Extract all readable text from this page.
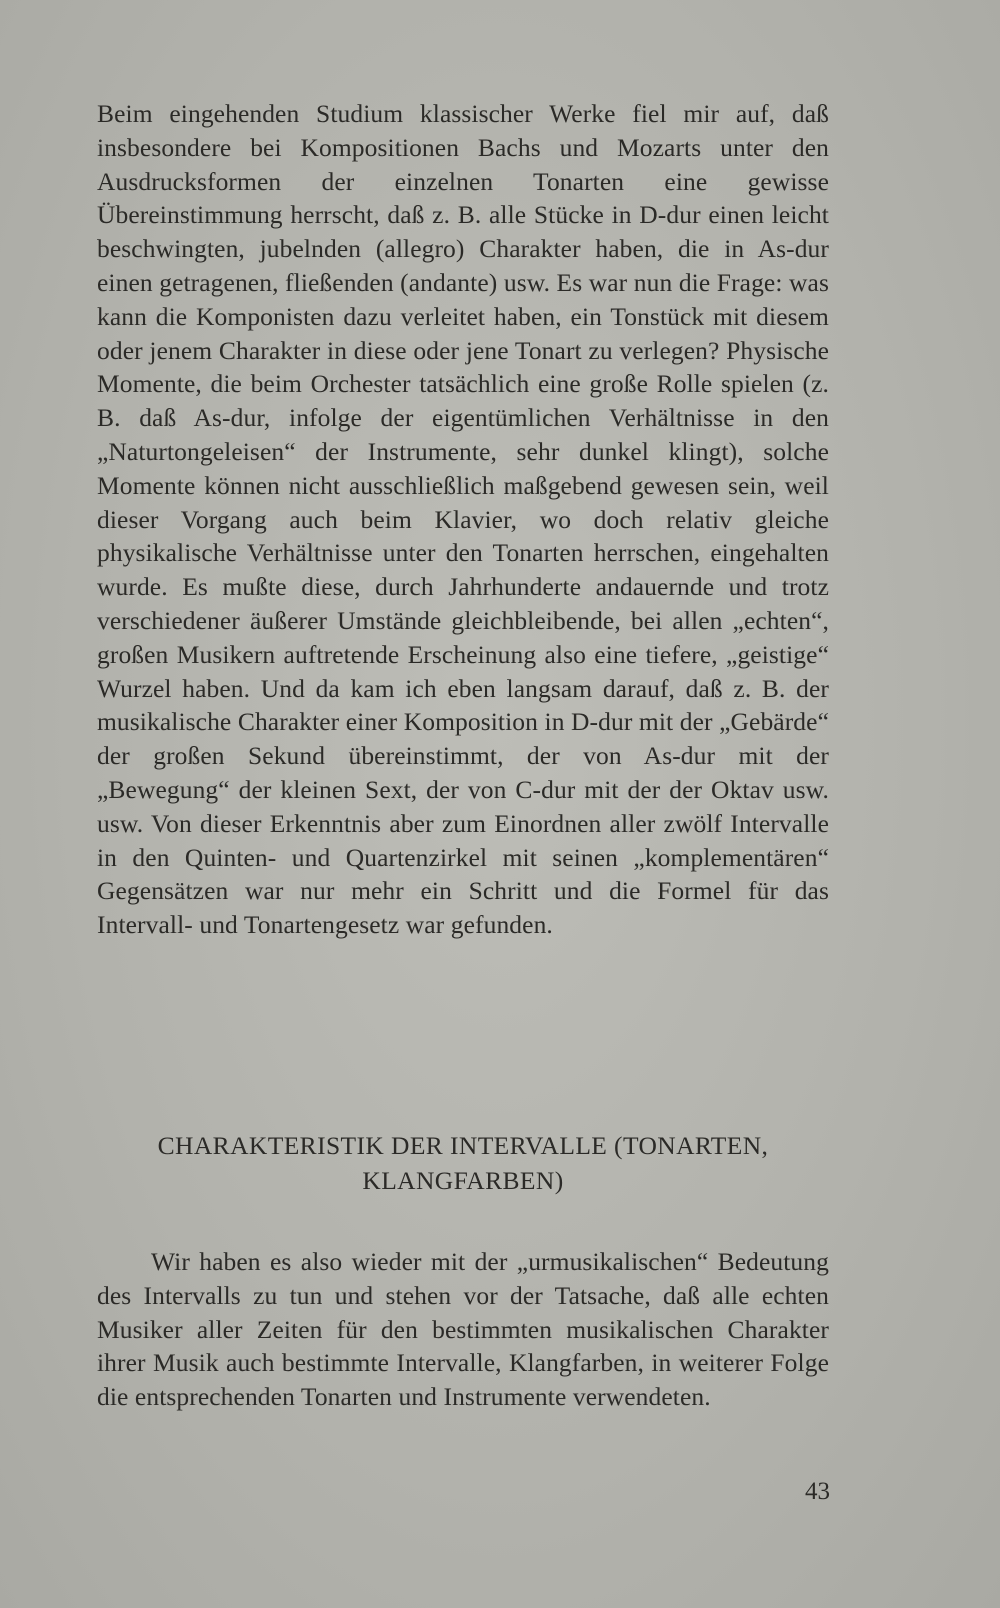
Beim eingehenden Studium klassischer Werke fiel mir auf, daß insbesondere bei Kompositionen Bachs und Mozarts unter den Ausdrucksformen der einzelnen Tonarten eine gewisse Übereinstimmung herrscht, daß z. B. alle Stücke in D-dur einen leicht beschwingten, jubelnden (allegro) Charakter haben, die in As-dur einen getragenen, fließenden (andante) usw. Es war nun die Frage: was kann die Komponisten dazu verleitet haben, ein Tonstück mit diesem oder jenem Charakter in diese oder jene Tonart zu verlegen? Physische Momente, die beim Orchester tatsächlich eine große Rolle spielen (z. B. daß As-dur, infolge der eigentümlichen Verhältnisse in den „Naturtongeleisen“ der Instrumente, sehr dunkel klingt), solche Momente können nicht ausschließlich maßgebend gewesen sein, weil dieser Vorgang auch beim Klavier, wo doch relativ gleiche physikalische Verhältnisse unter den Tonarten herrschen, eingehalten wurde. Es mußte diese, durch Jahrhunderte andauernde und trotz verschiedener äußerer Umstände gleichbleibende, bei allen „echten“, großen Musikern auftretende Erscheinung also eine tiefere, „geistige“ Wurzel haben. Und da kam ich eben langsam darauf, daß z. B. der musikalische Charakter einer Komposition in D-dur mit der „Gebärde“ der großen Sekund übereinstimmt, der von As-dur mit der „Bewegung“ der kleinen Sext, der von C-dur mit der der Oktav usw. usw. Von dieser Erkenntnis aber zum Einordnen aller zwölf Intervalle in den Quinten- und Quartenzirkel mit seinen „komplementären“ Gegensätzen war nur mehr ein Schritt und die Formel für das Intervall- und Tonartengesetz war gefunden.

CHARAKTERISTIK DER INTERVALLE (TONARTEN,
KLANGFARBEN)

Wir haben es also wieder mit der „urmusikalischen“ Bedeutung des Intervalls zu tun und stehen vor der Tatsache, daß alle echten Musiker aller Zeiten für den bestimmten musikalischen Charakter ihrer Musik auch bestimmte Intervalle, Klangfarben, in weiterer Folge die entsprechenden Tonarten und Instrumente verwendeten.

43
